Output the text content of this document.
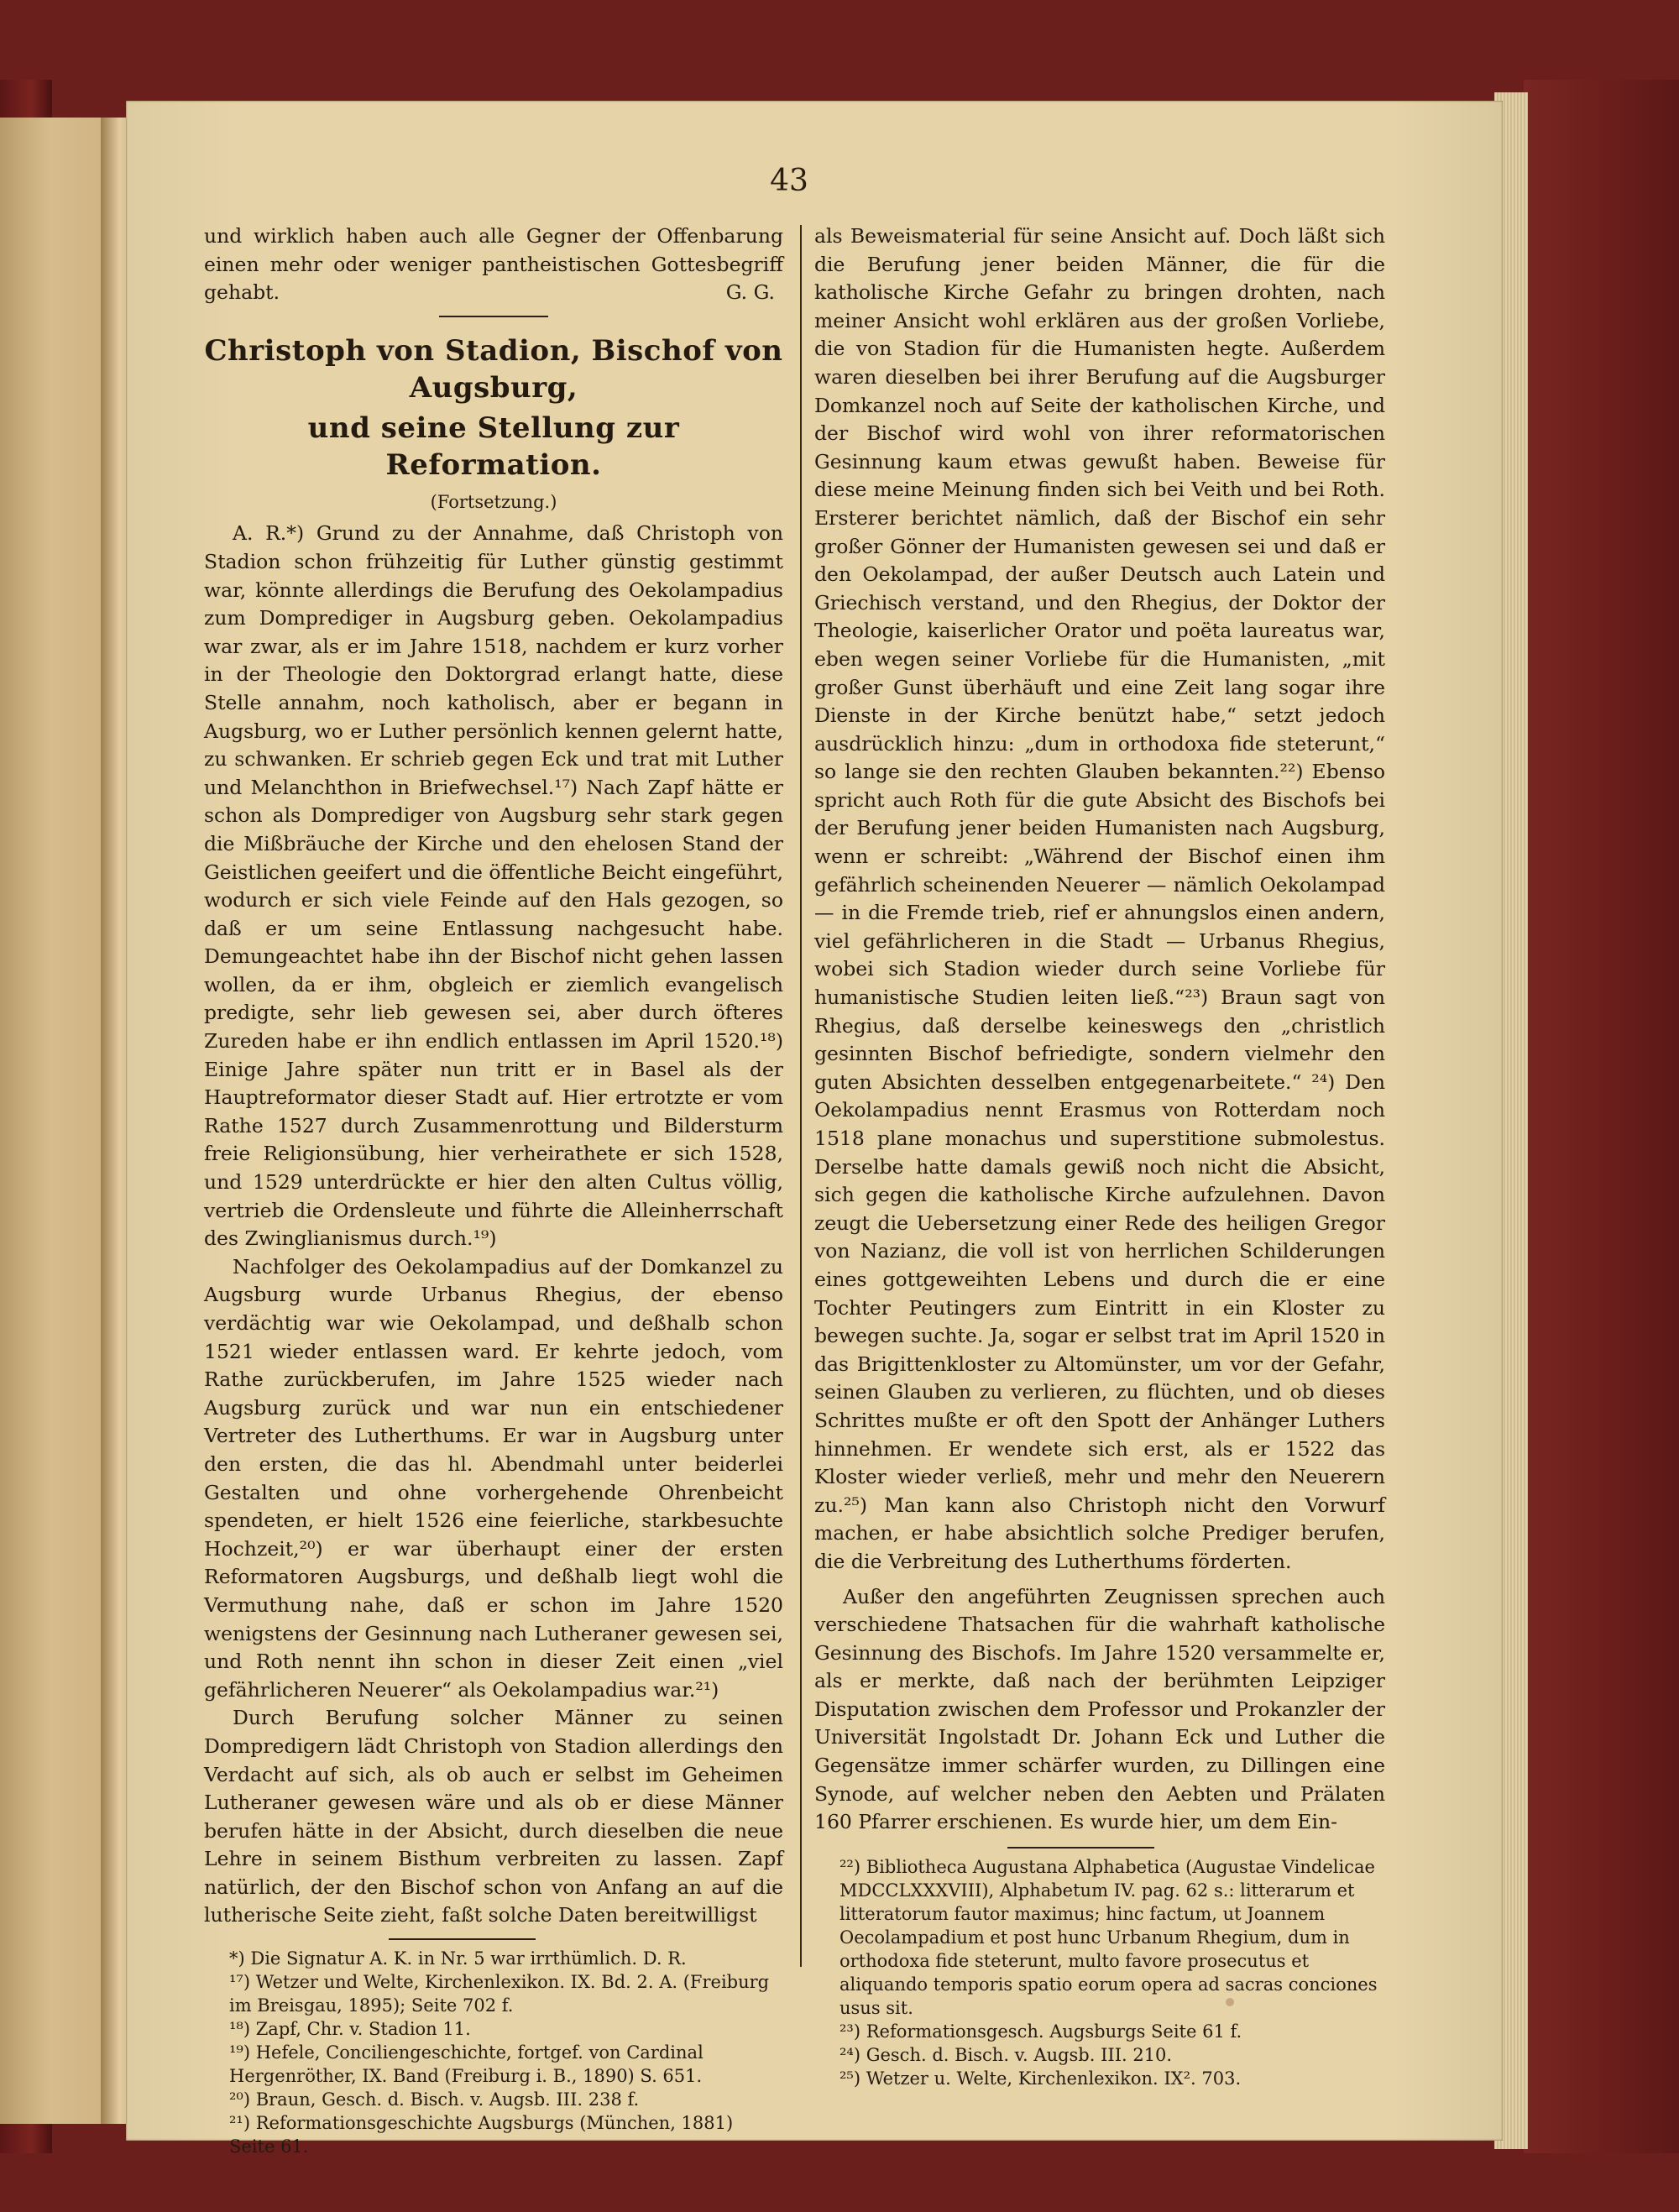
43

und wirklich haben auch alle Gegner der Offenbarung einen mehr oder weniger pantheistischen Gottesbegriff gehabt.	G. G.

Christoph von Stadion, Bischof von Augsburg,
und seine Stellung zur Reformation.
(Fortsetzung.)

A. R.*) Grund zu der Annahme, daß Christoph von Stadion schon frühzeitig für Luther günstig gestimmt war, könnte allerdings die Berufung des Oekolampadius zum Domprediger in Augsburg geben. Oekolampadius war zwar, als er im Jahre 1518, nachdem er kurz vorher in der Theologie den Doktorgrad erlangt hatte, diese Stelle annahm, noch katholisch, aber er begann in Augsburg, wo er Luther persönlich kennen gelernt hatte, zu schwanken. Er schrieb gegen Eck und trat mit Luther und Melanchthon in Briefwechsel.¹⁷) Nach Zapf hätte er schon als Domprediger von Augsburg sehr stark gegen die Mißbräuche der Kirche und den ehelosen Stand der Geistlichen geeifert und die öffentliche Beicht eingeführt, wodurch er sich viele Feinde auf den Hals gezogen, so daß er um seine Entlassung nachgesucht habe. Demungeachtet habe ihn der Bischof nicht gehen lassen wollen, da er ihm, obgleich er ziemlich evangelisch predigte, sehr lieb gewesen sei, aber durch öfteres Zureden habe er ihn endlich entlassen im April 1520.¹⁸) Einige Jahre später nun tritt er in Basel als der Hauptreformator dieser Stadt auf. Hier ertrotzte er vom Rathe 1527 durch Zusammenrottung und Bildersturm freie Religionsübung, hier verheirathete er sich 1528, und 1529 unterdrückte er hier den alten Cultus völlig, vertrieb die Ordensleute und führte die Alleinherrschaft des Zwinglianismus durch.¹⁹)

Nachfolger des Oekolampadius auf der Domkanzel zu Augsburg wurde Urbanus Rhegius, der ebenso verdächtig war wie Oekolampad, und deßhalb schon 1521 wieder entlassen ward. Er kehrte jedoch, vom Rathe zurückberufen, im Jahre 1525 wieder nach Augsburg zurück und war nun ein entschiedener Vertreter des Lutherthums. Er war in Augsburg unter den ersten, die das hl. Abendmahl unter beiderlei Gestalten und ohne vorhergehende Ohrenbeicht spendeten, er hielt 1526 eine feierliche, starkbesuchte Hochzeit,²⁰) er war überhaupt einer der ersten Reformatoren Augsburgs, und deßhalb liegt wohl die Vermuthung nahe, daß er schon im Jahre 1520 wenigstens der Gesinnung nach Lutheraner gewesen sei, und Roth nennt ihn schon in dieser Zeit einen „viel gefährlicheren Neuerer“ als Oekolampadius war.²¹)

Durch Berufung solcher Männer zu seinen Dompredigern lädt Christoph von Stadion allerdings den Verdacht auf sich, als ob auch er selbst im Geheimen Lutheraner gewesen wäre und als ob er diese Männer berufen hätte in der Absicht, durch dieselben die neue Lehre in seinem Bisthum verbreiten zu lassen. Zapf natürlich, der den Bischof schon von Anfang an auf die lutherische Seite zieht, faßt solche Daten bereitwilligst

*) Die Signatur A. K. in Nr. 5 war irrthümlich. D. R.

¹⁷) Wetzer und Welte, Kirchenlexikon. IX. Bd. 2. A. (Freiburg im Breisgau, 1895); Seite 702 f.

¹⁸) Zapf, Chr. v. Stadion 11.

¹⁹) Hefele, Conciliengeschichte, fortgef. von Cardinal Hergenröther, IX. Band (Freiburg i. B., 1890) S. 651.

²⁰) Braun, Gesch. d. Bisch. v. Augsb. III. 238 f.

²¹) Reformationsgeschichte Augsburgs (München, 1881) Seite 61.

als Beweismaterial für seine Ansicht auf. Doch läßt sich die Berufung jener beiden Männer, die für die katholische Kirche Gefahr zu bringen drohten, nach meiner Ansicht wohl erklären aus der großen Vorliebe, die von Stadion für die Humanisten hegte. Außerdem waren dieselben bei ihrer Berufung auf die Augsburger Domkanzel noch auf Seite der katholischen Kirche, und der Bischof wird wohl von ihrer reformatorischen Gesinnung kaum etwas gewußt haben. Beweise für diese meine Meinung finden sich bei Veith und bei Roth. Ersterer berichtet nämlich, daß der Bischof ein sehr großer Gönner der Humanisten gewesen sei und daß er den Oekolampad, der außer Deutsch auch Latein und Griechisch verstand, und den Rhegius, der Doktor der Theologie, kaiserlicher Orator und poëta laureatus war, eben wegen seiner Vorliebe für die Humanisten, „mit großer Gunst überhäuft und eine Zeit lang sogar ihre Dienste in der Kirche benützt habe,“ setzt jedoch ausdrücklich hinzu: „dum in orthodoxa fide steterunt,“ so lange sie den rechten Glauben bekannten.²²) Ebenso spricht auch Roth für die gute Absicht des Bischofs bei der Berufung jener beiden Humanisten nach Augsburg, wenn er schreibt: „Während der Bischof einen ihm gefährlich scheinenden Neuerer — nämlich Oekolampad — in die Fremde trieb, rief er ahnungslos einen andern, viel gefährlicheren in die Stadt — Urbanus Rhegius, wobei sich Stadion wieder durch seine Vorliebe für humanistische Studien leiten ließ.“²³) Braun sagt von Rhegius, daß derselbe keineswegs den „christlich gesinnten Bischof befriedigte, sondern vielmehr den guten Absichten desselben entgegenarbeitete.“ ²⁴) Den Oekolampadius nennt Erasmus von Rotterdam noch 1518 plane monachus und superstitione submolestus. Derselbe hatte damals gewiß noch nicht die Absicht, sich gegen die katholische Kirche aufzulehnen. Davon zeugt die Uebersetzung einer Rede des heiligen Gregor von Nazianz, die voll ist von herrlichen Schilderungen eines gottgeweihten Lebens und durch die er eine Tochter Peutingers zum Eintritt in ein Kloster zu bewegen suchte. Ja, sogar er selbst trat im April 1520 in das Brigittenkloster zu Altomünster, um vor der Gefahr, seinen Glauben zu verlieren, zu flüchten, und ob dieses Schrittes mußte er oft den Spott der Anhänger Luthers hinnehmen. Er wendete sich erst, als er 1522 das Kloster wieder verließ, mehr und mehr den Neuerern zu.²⁵) Man kann also Christoph nicht den Vorwurf machen, er habe absichtlich solche Prediger berufen, die die Verbreitung des Lutherthums förderten.

Außer den angeführten Zeugnissen sprechen auch verschiedene Thatsachen für die wahrhaft katholische Gesinnung des Bischofs. Im Jahre 1520 versammelte er, als er merkte, daß nach der berühmten Leipziger Disputation zwischen dem Professor und Prokanzler der Universität Ingolstadt Dr. Johann Eck und Luther die Gegensätze immer schärfer wurden, zu Dillingen eine Synode, auf welcher neben den Aebten und Prälaten 160 Pfarrer erschienen. Es wurde hier, um dem Ein-

²²) Bibliotheca Augustana Alphabetica (Augustae Vindelicae MDCCLXXXVIII), Alphabetum IV. pag. 62 s.: litterarum et litteratorum fautor maximus; hinc factum, ut Joannem Oecolampadium et post hunc Urbanum Rhegium, dum in orthodoxa fide steterunt, multo favore prosecutus et aliquando temporis spatio eorum opera ad sacras conciones usus sit.

²³) Reformationsgesch. Augsburgs Seite 61 f.

²⁴) Gesch. d. Bisch. v. Augsb. III. 210.

²⁵) Wetzer u. Welte, Kirchenlexikon. IX². 703.
